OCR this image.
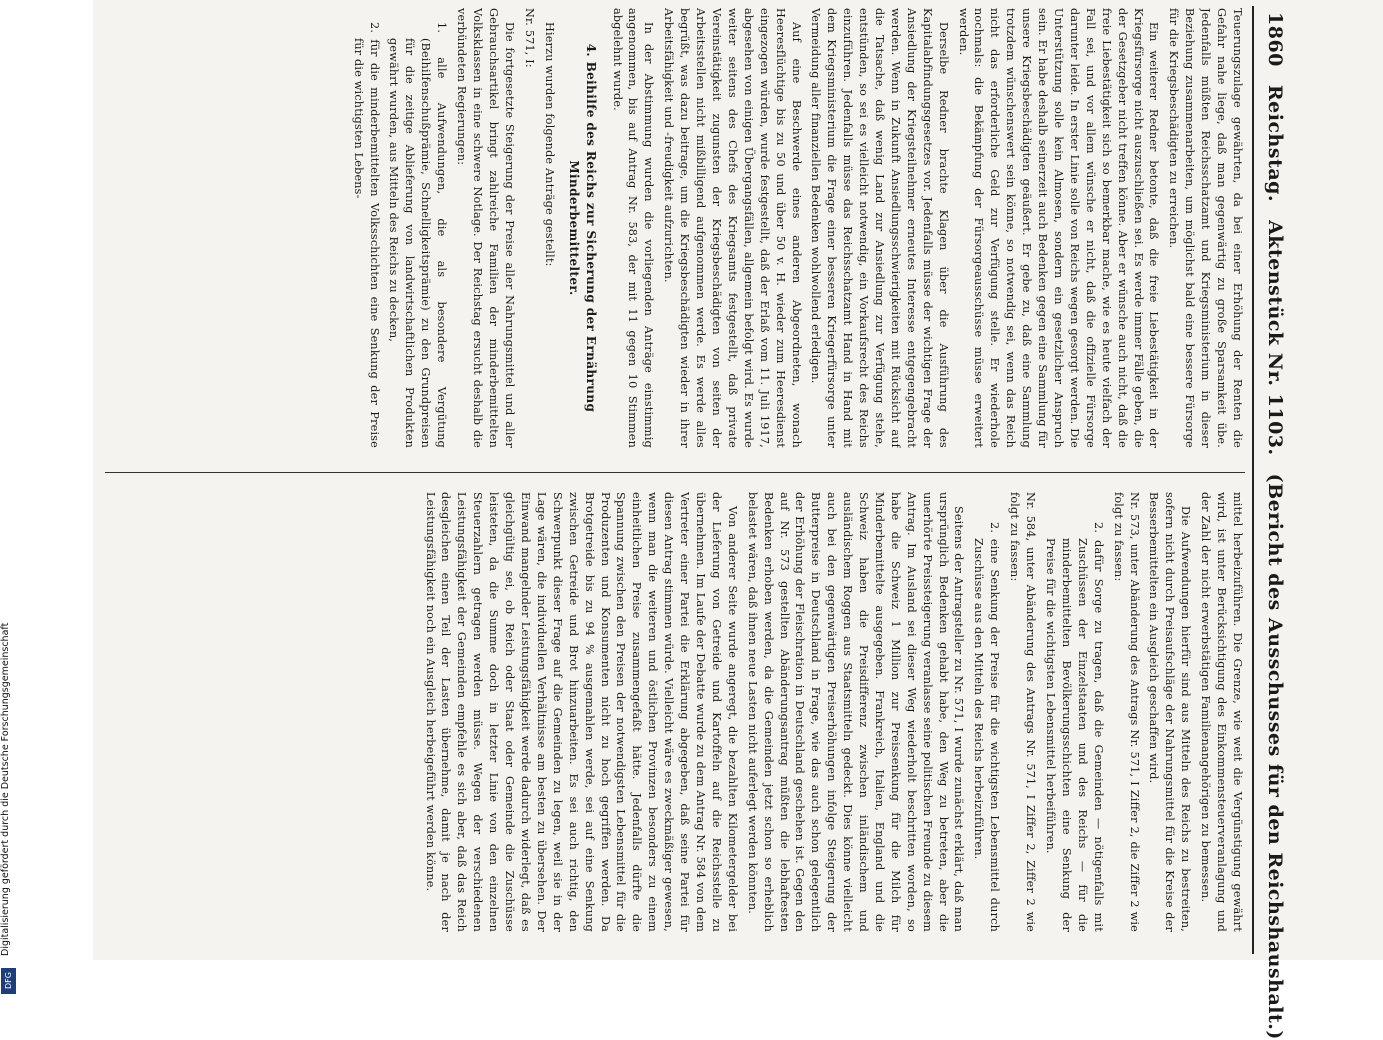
Digitalisierung gefördert durch die Deutsche Forschungsgemeinschaft
DFG
1860
Reichstag.
Aktenstück Nr. 1103.
(Bericht des Ausschusses für den Reichshaushalt.)

Teuerungszulage gewährten, da bei einer Erhöhung der Renten die Gefahr nahe liege, daß man gegenwärtig zu große Sparsamkeit übe. Jedenfalls müßten Reichsschatzamt und Kriegsministerium in dieser Beziehung zusammenarbeiten, um möglichst bald eine bessere Fürsorge für die Kriegsbeschädigten zu erreichen.

Ein weiterer Redner betonte, daß die freie Liebestätigkeit in der Kriegsfürsorge nicht auszuschließen sei. Es werde immer Fälle geben, die der Gesetzgeber nicht treffen könne. Aber er wünsche auch nicht, daß die freie Liebestätigkeit sich so bemerkbar mache, wie es heute vielfach der Fall sei, und vor allem wünsche er nicht, daß die offizielle Fürsorge darunter leide. In erster Linie solle von Reichs wegen gesorgt werden. Die Unterstützung solle kein Almosen, sondern ein gesetzlicher Anspruch sein. Er habe deshalb seinerzeit auch Bedenken gegen eine Sammlung für unsere Kriegsbeschädigten geäußert. Er gebe zu, daß eine Sammlung trotzdem wünschenswert sein könne, so notwendig sei, wenn das Reich nicht das erforderliche Geld zur Verfügung stelle. Er wiederhole nochmals: die Bekämpfung der Fürsorgeausschüsse müsse erweitert werden.

Derselbe Redner brachte Klagen über die Ausführung des Kapitalabfindungsgesetzes vor. Jedenfalls müsse der wichtigen Frage der Ansiedlung der Kriegsteilnehmer erneutes Interesse entgegengebracht werden. Wenn in Zukunft Ansiedlungsschwierigkeiten mit Rücksicht auf die Tatsache, daß wenig Land zur Ansiedlung zur Verfügung stehe, entstünden, so sei es vielleicht notwendig, ein Vorkaufsrecht des Reichs einzuführen. Jedenfalls müsse das Reichsschatzamt Hand in Hand mit dem Kriegsministerium die Frage einer besseren Kriegerfürsorge unter Vermeidung aller finanziellen Bedenken wohlwollend erledigen.

Auf eine Beschwerde eines anderen Abgeordneten, wonach Heeresflüchtige bis zu 50 und über 50 v. H. wieder zum Heeresdienst eingezogen würden, wurde festgestellt, daß der Erlaß vom 11. Juli 1917, abgesehen von einigen Übergangsfällen, allgemein befolgt wird. Es wurde weiter seitens des Chefs des Kriegsamts festgestellt, daß private Vereinstätigkeit zugunsten der Kriegsbeschädigten von seiten der Arbeitsstellen nicht mißbilligend aufgenommen werde. Es werde alles begrüßt, was dazu beitrage, um die Kriegsbeschädigten wieder in ihrer Arbeitsfähigkeit und -freudigkeit aufzurichten.

In der Abstimmung wurden die vorliegenden Anträge einstimmig angenommen, bis auf Antrag Nr. 583, der mit 11 gegen 10 Stimmen abgelehnt wurde.

4. Beihilfe des Reichs zur Sicherung der Ernährung Minderbemittelter.

Hierzu wurden folgende Anträge gestellt:

Nr. 571, I:

Die fortgesetzte Steigerung der Preise aller Nahrungsmittel und aller Gebrauchsartikel bringt zahlreiche Familien der minderbemittelten Volksklassen in eine schwere Notlage. Der Reichstag ersucht deshalb die verbündeten Regierungen:

1. alle Aufwendungen, die als besondere Vergütung (Beihilfenschußprämie, Schnelligkeitsprämie) zu den Grundpreisen für die zeitige Ablieferung von landwirtschaftlichen Produkten gewährt wurden, aus Mitteln des Reichs zu decken,
2. für die minderbemittelten Volksschichten eine Senkung der Preise für die wichtigsten Lebens-

mittel herbeizuführen. Die Grenze, wie weit die Vergünstigung gewährt wird, ist unter Berücksichtigung des Einkommensteuerveranlagung und der Zahl der nicht erwerbstätigen Familienangehörigen zu bemessen.

Die Aufwendungen hierfür sind aus Mitteln des Reichs zu bestreiten, sofern nicht durch Preisaufschläge der Nahrungsmittel für die Kreise der Besserbemittelten ein Ausgleich geschaffen wird.

Nr. 573, unter Abänderung des Antrags Nr. 571, I Ziffer 2, die Ziffer 2 wie folgt zu fassen:

2. dafür Sorge zu tragen, daß die Gemeinden — nötigenfalls mit Zuschüssen der Einzelstaaten und des Reichs — für die minderbemittelten Bevölkerungsschichten eine Senkung der Preise für die wichtigsten Lebensmittel herbeiführen.

Nr. 584, unter Abänderung des Antrags Nr. 571, I Ziffer 2, Ziffer 2 wie folgt zu fassen:

2. eine Senkung der Preise für die wichtigsten Lebensmittel durch Zuschüsse aus den Mitteln des Reichs herbeizuführen.

Seitens der Antragsteller zu Nr. 571, I wurde zunächst erklärt, daß man ursprünglich Bedenken gehabt habe, den Weg zu betreten, aber die unerhörte Preissteigerung veranlasse seine politischen Freunde zu diesem Antrag. Im Ausland sei dieser Weg wiederholt beschritten worden, so habe die Schweiz 1 Million zur Preissenkung für die Milch für Minderbemittelte ausgegeben. Frankreich, Italien, England und die Schweiz haben die Preisdifferenz zwischen inländischem und ausländischem Roggen aus Staatsmitteln gedeckt. Dies könne vielleicht auch bei den gegenwärtigen Preiserhöhungen infolge Steigerung der Butterpreise in Deutschland in Frage, wie das auch schon gelegentlich der Erhöhung der Fleischration in Deutschland geschehen ist. Gegen den auf Nr. 573 gestellten Abänderungsantrag müßten die lebhaftesten Bedenken erhoben werden, da die Gemeinden jetzt schon so erheblich belastet wären, daß ihnen neue Lasten nicht auferlegt werden könnten.

Von anderer Seite wurde angeregt, die bezahlten Kilometergelder bei der Lieferung von Getreide und Kartoffeln auf die Reichsstelle zu übernehmen. Im Laufe der Debatte wurde zu dem Antrag Nr. 584 von dem Vertreter einer Partei die Erklärung abgegeben, daß seine Partei für diesen Antrag stimmen würde. Vielleicht wäre es zweckmäßiger gewesen, wenn man die weiteren und östlichen Provinzen besonders zu einem einheitlichen Preise zusammengefaßt hätte. Jedenfalls dürfte die Spannung zwischen den Preisen der notwendigsten Lebensmittel für die Produzenten und Konsumenten nicht zu hoch gegriffen werden. Da Brotgetreide bis zu 94 % ausgemahlen werde, sei auf eine Senkung zwischen Getreide und Brot hinzuarbeiten. Es sei auch richtig, den Schwerpunkt dieser Frage auf die Gemeinden zu legen, weil sie in der Lage wären, die individuellen Verhältnisse am besten zu übersehen. Der Einwand mangelnder Leistungsfähigkeit werde dadurch widerlegt, daß es gleichgültig sei, ob Reich oder Staat oder Gemeinde die Zuschüsse leisteten, da die Summe doch in letzter Linie von den einzelnen Steuerzahlern getragen werden müsse. Wegen der verschiedenen Leistungsfähigkeit der Gemeinden empfehle es sich aber, daß das Reich desgleichen einen Teil der Lasten übernehme, damit je nach der Leistungsfähigkeit noch ein Ausgleich herbeigeführt werden könne.
